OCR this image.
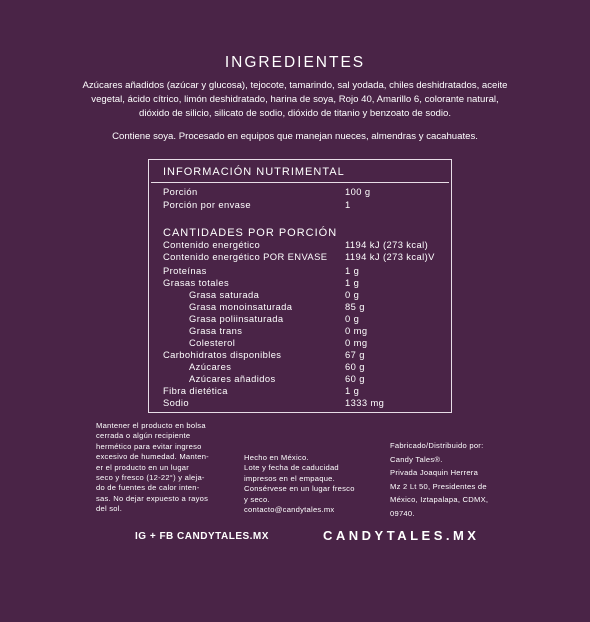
INGREDIENTES
Azúcares añadidos (azúcar y glucosa), tejocote, tamarindo, sal yodada, chiles deshidratados, aceite
vegetal, ácido cítrico, limón deshidratado, harina de soya, Rojo 40, Amarillo 6, colorante natural,
dióxido de silicio, silicato de sodio, dióxido de titanio y benzoato de sodio.
Contiene soya. Procesado en equipos que manejan nueces, almendras y cacahuates.
INFORMACIÓN NUTRIMENTAL
Porción	100 g
Porción por envase	1
CANTIDADES POR PORCIÓN
Contenido energético	1194 kJ (273 kcal)
Contenido energético POR ENVASE 1194 kJ (273 kcal)V
Proteínas	1 g
Grasas totales	1 g
Grasa saturada	0 g
Grasa monoinsaturada	85 g
Grasa poliinsaturada	0 g
Grasa trans	0 mg
Colesterol	0 mg
Carbohidratos disponibles	67 g
Azúcares	60 g
Azúcares añadidos	60 g
Fibra dietética	1 g
Sodio	1333 mg
Mantener el producto en bolsa
cerrada o algún recipiente
hermético para evitar ingreso
excesivo de humedad. Manten-
er el producto en un lugar
seco y fresco (12-22°) y aleja-
do de fuentes de calor inten-
sas. No dejar expuesto a rayos
del sol.
Hecho en México.
Lote y fecha de caducidad
impresos en el empaque.
Consérvese en un lugar fresco
y seco.
contacto@candytales.mx
Fabricado/Distribuido por:
Candy Tales®.
Privada Joaquin Herrera
Mz 2 Lt 50, Presidentes de
México, Iztapalapa, CDMX,
09740.
IG + FB CANDYTALES.MX	CANDYTALES.MX
